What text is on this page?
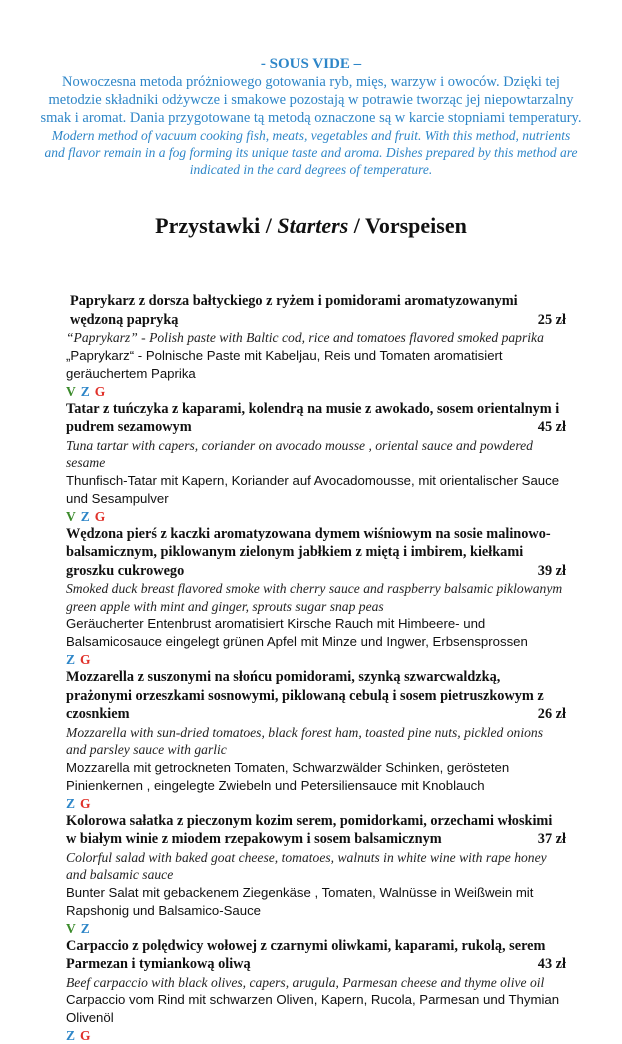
- SOUS VIDE –
Nowoczesna metoda próżniowego gotowania ryb, mięs, warzyw i owoców. Dzięki tej metodzie składniki odżywcze i smakowe pozostają w potrawie tworząc jej niepowtarzalny smak i aromat. Dania przygotowane tą metodą oznaczone są w karcie stopniami temperatury.
Modern method of vacuum cooking fish, meats, vegetables and fruit. With this method, nutrients and flavor remain in a fog forming its unique taste and aroma. Dishes prepared by this method are indicated in the card degrees of temperature.
Przystawki / Starters / Vorspeisen
Paprykarz z dorsza bałtyckiego z ryżem i pomidorami aromatyzowanymi wędzoną papryką	25 zł
“Paprykarz” - Polish paste with Baltic cod, rice and tomatoes flavored smoked paprika
„Paprykarz“ - Polnische Paste mit Kabeljau, Reis und Tomaten aromatisiert geräuchertem Paprika
V Z G
Tatar z tuńczyka z kaparami, kolendrą na musie z awokado, sosem orientalnym i pudrem sezamowym	45 zł
Tuna tartar with capers, coriander on avocado mousse , oriental sauce and powdered sesame
Thunfisch-Tatar mit Kapern, Koriander auf Avocadomousse, mit orientalischer Sauce und Sesampulver
V Z G
Wędzona pierś z kaczki aromatyzowana dymem wiśniowym na sosie malinowo-balsamicznym, piklowanym zielonym jabłkiem z miętą i imbirem, kiełkami groszku cukrowego	39 zł
Smoked duck breast flavored smoke with cherry sauce and raspberry balsamic piklowanym green apple with mint and ginger, sprouts sugar snap peas
Geräucherter Entenbrust aromatisiert Kirsche Rauch mit Himbeere- und Balsamicosauce eingelegt grünen Apfel mit Minze und Ingwer, Erbsensprossen
Z G
Mozzarella z suszonymi na słońcu pomidorami, szynką szwarcwaldzką, prażonymi orzeszkami sosnowymi, piklowaną cebulą i sosem pietruszkowym z czosnkiem	26 zł
Mozzarella with sun-dried tomatoes, black forest ham, toasted pine nuts, pickled onions and parsley sauce with garlic
Mozzarella mit getrockneten Tomaten, Schwarzwälder Schinken, gerösteten Pinienkernen , eingelegte Zwiebeln und Petersiliensauce mit Knoblauch
Z G
Kolorowa sałatka z pieczonym kozim serem, pomidorkami, orzechami włoskimi w białym winie z miodem rzepakowym i sosem balsamicznym	37 zł
Colorful salad with baked goat cheese, tomatoes, walnuts in white wine with rape honey and balsamic sauce
Bunter Salat mit gebackenem Ziegenkäse , Tomaten, Walnüsse in Weißwein mit Rapshonig und Balsamico-Sauce
V Z
Carpaccio z polędwicy wołowej z czarnymi oliwkami, kaparami, rukolą, serem Parmezan i tymiankową oliwą	43 zł
Beef carpaccio with black olives, capers, arugula, Parmesan cheese and thyme olive oil
Carpaccio vom Rind mit schwarzen Oliven, Kapern, Rucola, Parmesan und Thymian Olivenöl
Z G
